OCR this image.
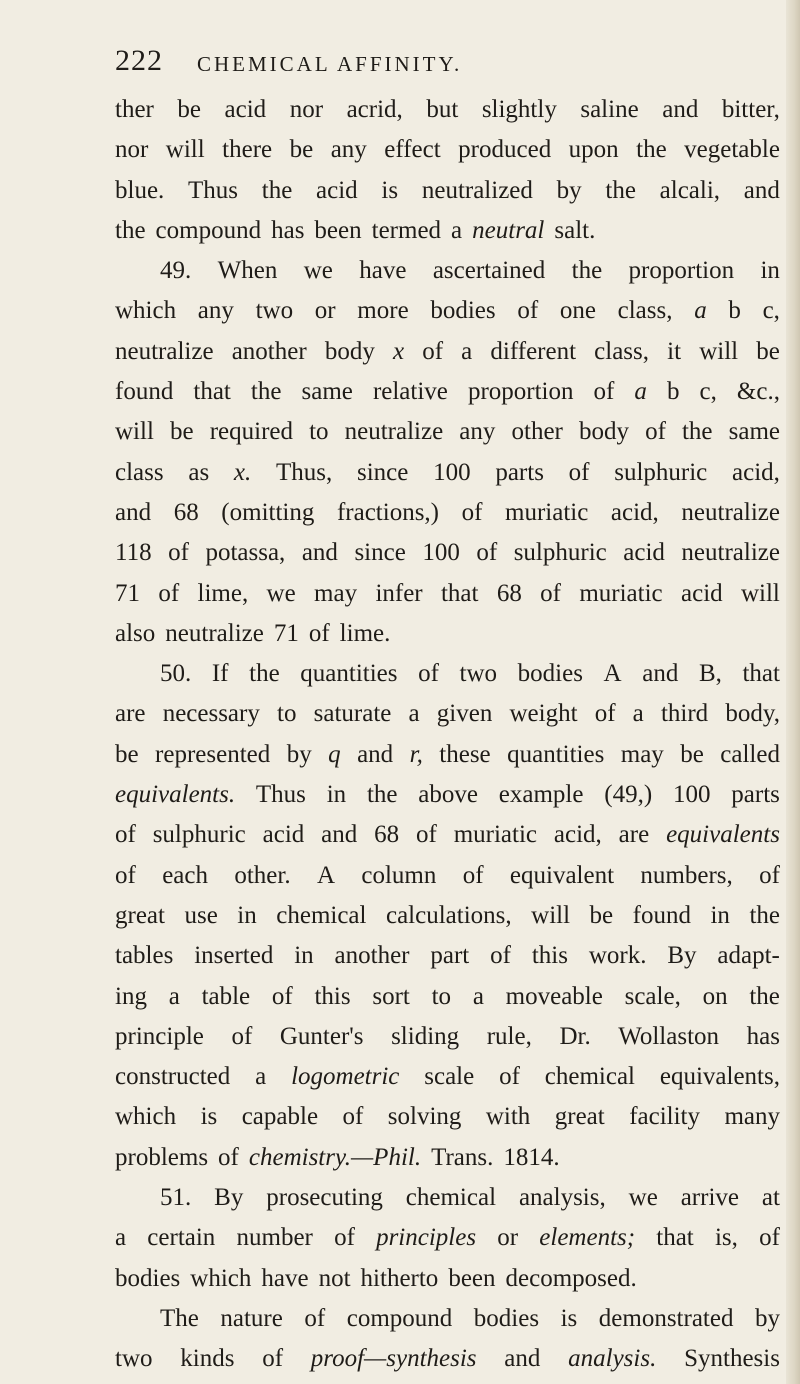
222 CHEMICAL AFFINITY.
ther be acid nor acrid, but slightly saline and bitter,
nor will there be any effect produced upon the vegetable
blue. Thus the acid is neutralized by the alcali, and
the compound has been termed a neutral salt.
49. When we have ascertained the proportion in
which any two or more bodies of one class, a b c,
neutralize another body x of a different class, it will be
found that the same relative proportion of a b c, &c.,
will be required to neutralize any other body of the same
class as x. Thus, since 100 parts of sulphuric acid,
and 68 (omitting fractions,) of muriatic acid, neutralize
118 of potassa, and since 100 of sulphuric acid neutralize
71 of lime, we may infer that 68 of muriatic acid will
also neutralize 71 of lime.
50. If the quantities of two bodies A and B, that
are necessary to saturate a given weight of a third body,
be represented by q and r, these quantities may be called
equivalents. Thus in the above example (49,) 100 parts
of sulphuric acid and 68 of muriatic acid, are equivalents
of each other. A column of equivalent numbers, of
great use in chemical calculations, will be found in the
tables inserted in another part of this work. By adapt-
ing a table of this sort to a moveable scale, on the
principle of Gunter's sliding rule, Dr. Wollaston has
constructed a logometric scale of chemical equivalents,
which is capable of solving with great facility many
problems of chemistry.—Phil. Trans. 1814.
51. By prosecuting chemical analysis, we arrive at
a certain number of principles or elements; that is, of
bodies which have not hitherto been decomposed.
The nature of compound bodies is demonstrated by
two kinds of proof—synthesis and analysis. Synthesis
